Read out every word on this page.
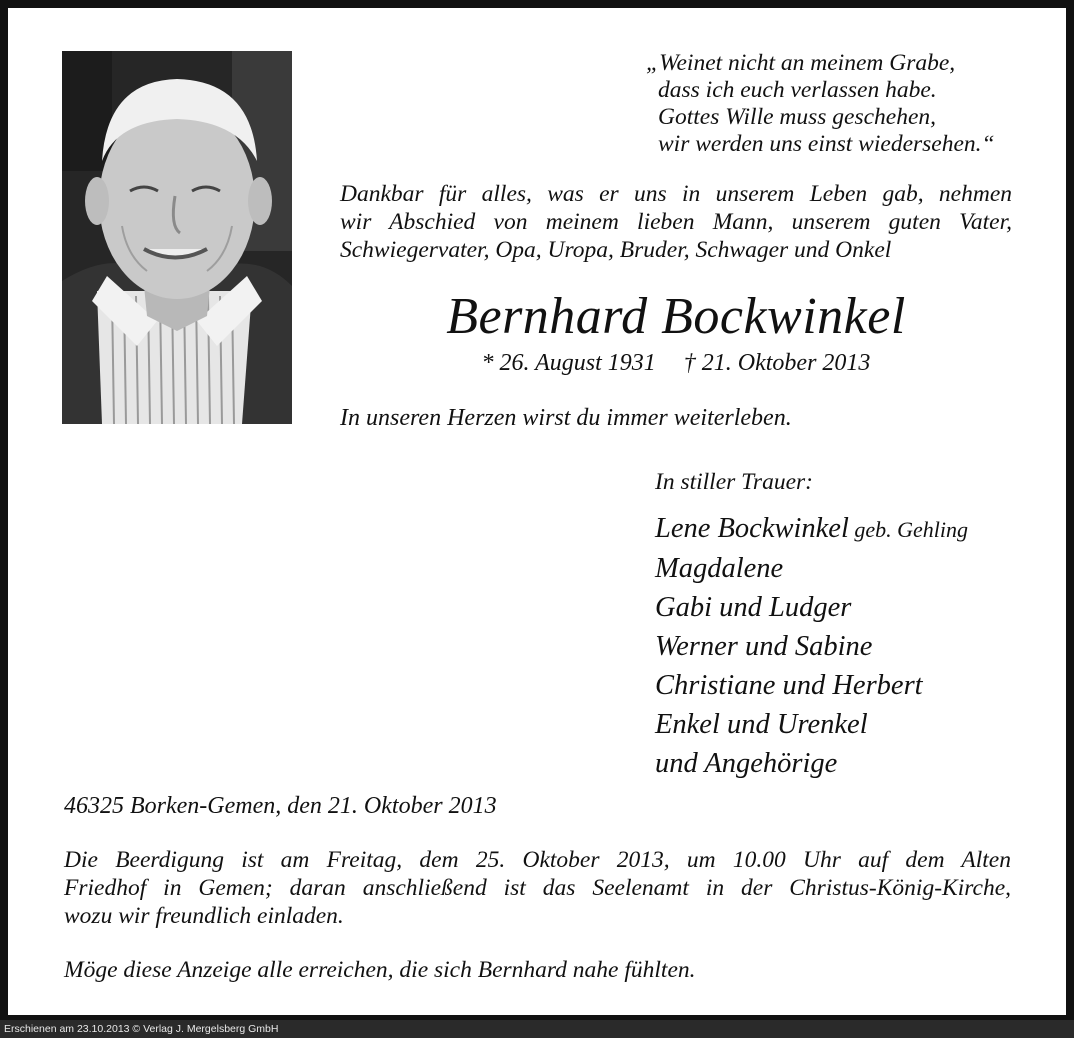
„Weinet nicht an meinem Grabe,
dass ich euch verlassen habe.
Gottes Wille muss geschehen,
wir werden uns einst wiedersehen.“
Dankbar für alles, was er uns in unserem Leben gab, nehmen
wir Abschied von meinem lieben Mann, unserem guten Vater,
Schwiegervater, Opa, Uropa, Bruder, Schwager und Onkel
Bernhard Bockwinkel
* 26. August 1931 † 21. Oktober 2013
In unseren Herzen wirst du immer weiterleben.
In stiller Trauer:
Lene Bockwinkel geb. Gehling
Magdalene
Gabi und Ludger
Werner und Sabine
Christiane und Herbert
Enkel und Urenkel
und Angehörige
46325 Borken-Gemen, den 21. Oktober 2013
Die Beerdigung ist am Freitag, dem 25. Oktober 2013, um 10.00 Uhr auf dem Alten
Friedhof in Gemen; daran anschließend ist das Seelenamt in der Christus-König-Kirche,
wozu wir freundlich einladen.
Möge diese Anzeige alle erreichen, die sich Bernhard nahe fühlten.
Erschienen am 23.10.2013 © Verlag J. Mergelsberg GmbH
